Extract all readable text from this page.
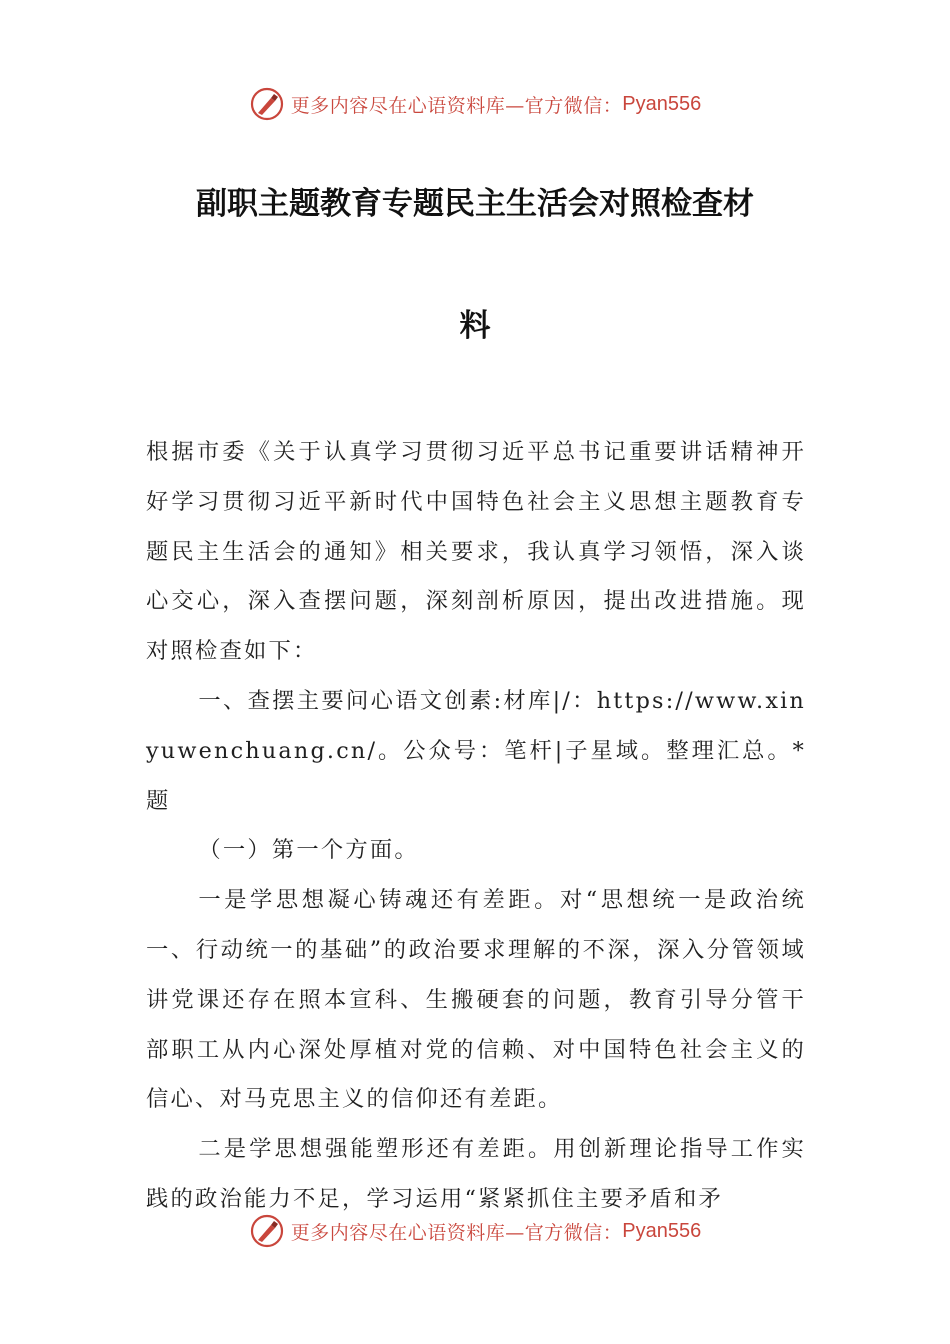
更多内容尽在心语资料库—官方微信： Pyan556
副职主题教育专题民主生活会对照检查材
料

根据市委《关于认真学习贯彻习近平总书记重要讲话精神开好学习贯彻习近平新时代中国特色社会主义思想主题教育专题民主生活会的通知》相关要求，我认真学习领悟，深入谈心交心，深入查摆问题，深刻剖析原因，提出改进措施。现对照检查如下：

一、查摆主要问心语文创素:材库|/：https://www.xinyuwenchuang.cn/。公众号：笔杆|子星域。整理汇总。*题

（一）第一个方面。

一是学思想凝心铸魂还有差距。对“思想统一是政治统一、行动统一的基础”的政治要求理解的不深，深入分管领域讲党课还存在照本宣科、生搬硬套的问题，教育引导分管干部职工从内心深处厚植对党的信赖、对中国特色社会主义的信心、对马克思主义的信仰还有差距。

二是学思想强能塑形还有差距。用创新理论指导工作实践的政治能力不足，学习运用“紧紧抓住主要矛盾和矛

更多内容尽在心语资料库—官方微信： Pyan556
